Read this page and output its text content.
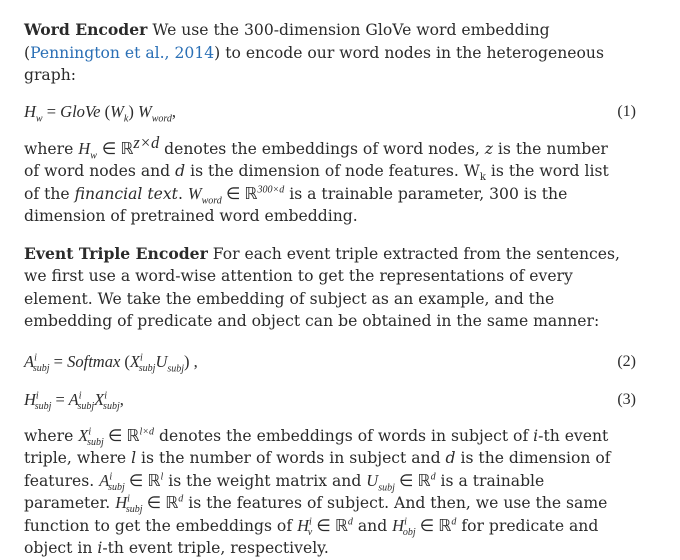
Word Encoder We use the 300-dimension GloVe word embedding (Pennington et al., 2014) to encode our word nodes in the heterogeneous graph:

$H_w$ = GloVe $(W_k)$ $W_{word}$,	(1)

where $H_w$ ∈ ℝ$^{z\times d}$ denotes the embeddings of word nodes, z is the number of word nodes and d is the dimension of node features. $W_k$ is the word list of the financial text. $W_{word}$ ∈ ℝ$^{300\times d}$ is a trainable parameter, 300 is the dimension of pretrained word embedding.

Event Triple Encoder For each event triple extracted from the sentences, we first use a word-wise attention to get the representations of every element. We take the embedding of subject as an example, and the embedding of predicate and object can be obtained in the same manner:

$A^i_{subj}$ = Softmax $(X^i_{subj}U_{subj})$ ,	(2)
$H^i_{subj} = A^i_{subj}X^i_{subj}$,	(3)

where $X^i_{subj}$ ∈ ℝ$^{l\times d}$ denotes the embeddings of words in subject of i-th event triple, where l is the number of words in subject and d is the dimension of features. $A^i_{subj}$ ∈ ℝ$^l$ is the weight matrix and $U_{subj}$ ∈ ℝ$^d$ is a trainable parameter. $H^i_{subj}$ ∈ ℝ$^d$ is the features of subject. And then, we use the same function to get the embeddings of $H^i_v$ ∈ ℝ$^d$ and $H^i_{obj}$ ∈ ℝ$^d$ for predicate and object in i-th event triple, respectively.
